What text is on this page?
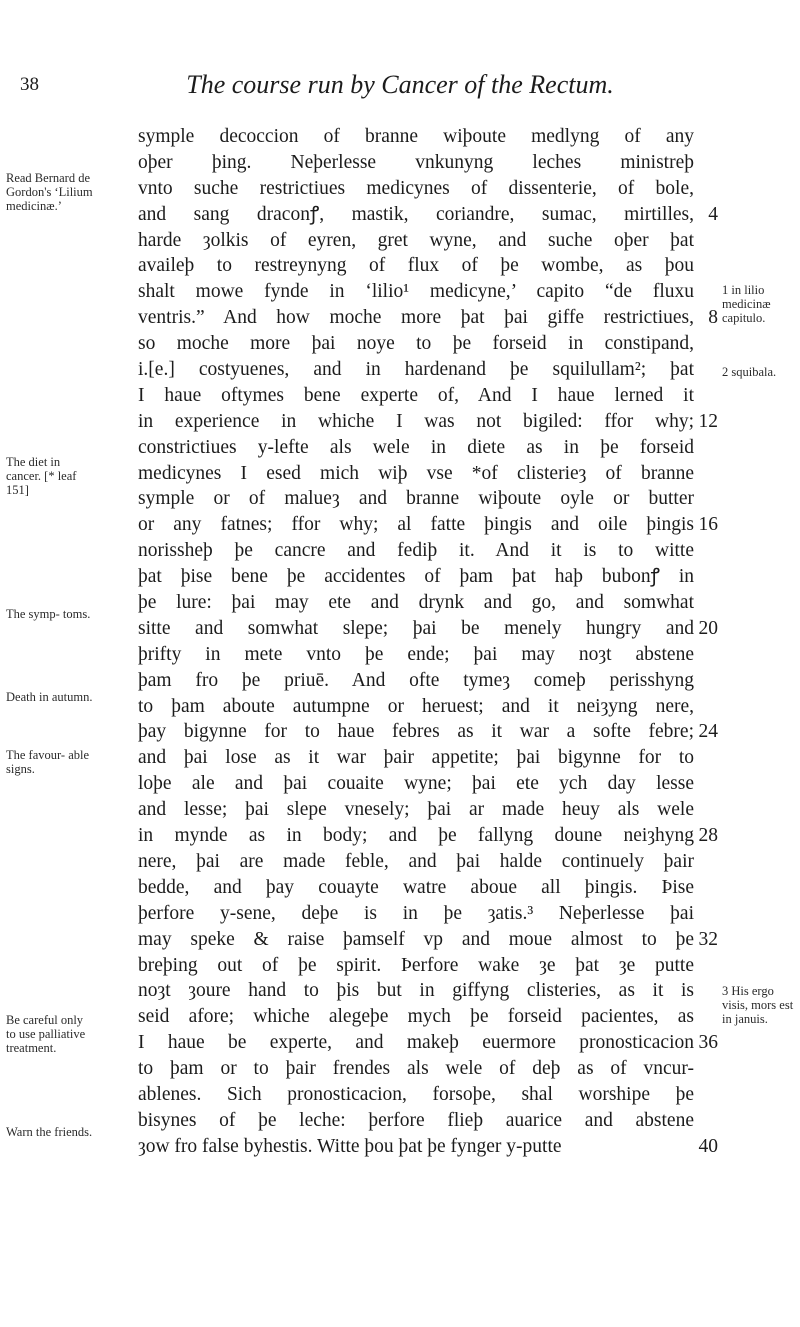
38	The course run by Cancer of the Rectum.
symple decoccion of branne wiþoute medlyng of any
oþer þing. Neþerlesse vnkunyng leches ministreþ
vnto suche restrictiues medicynes of dissenterie, of bole,
and sang draconꝭ, mastik, coriandre, sumac, mirtilles, 4
harde ȝolkis of eyren, gret wyne, and suche oþer þat
availeþ to restreynyng of flux of þe wombe, as þou
shalt mowe fynde in ‘lilio¹ medicyne,’ capito “de fluxu
ventris.” And how moche more þat þai giffe restrictiues, 8
so moche more þai noye to þe forseid in constipand,
i.[e.] costyuenes, and in hardenand þe squilullam²; þat
I haue oftymes bene experte of, And I haue lerned it
in experience in whiche I was not bigiled: ffor why; 12
constrictiues y-lefte als wele in diete as in þe forseid
medicynes I esed mich wiþ vse *of clisterieȝ of branne
symple or of malueȝ and branne wiþoute oyle or butter
or any fatnes; ffor why; al fatte þingis and oile þingis 16
norissheþ þe cancre and fediþ it. And it is to witte
þat þise bene þe accidentes of þam þat haþ bubonꝭ in
þe lure: þai may ete and drynk and go, and somwhat
sitte and somwhat slepe; þai be menely hungry and 20
þrifty in mete vnto þe ende; þai may noȝt abstene
þam fro þe priuē. And ofte tymeȝ comeþ perisshyng
to þam aboute autumpne or heruest; and it neiȝyng nere,
þay bigynne for to haue febres as it war a softe febre; 24
and þai lose as it war þair appetite; þai bigynne for to
loþe ale and þai couaite wyne; þai ete ych day lesse
and lesse; þai slepe vnesely; þai ar made heuy als wele
in mynde as in body; and þe fallyng doune neiȝhyng 28
nere, þai are made feble, and þai halde continuely þair
bedde, and þay couayte watre aboue all þingis. Þise
þerfore y-sene, deþe is in þe ȝatis.³ Neþerlesse þai
may speke & raise þamself vp and moue almost to þe 32
breþing out of þe spirit. Þerfore wake ȝe þat ȝe putte
noȝt ȝoure hand to þis but in giffyng clisteries, as it is
seid afore; whiche alegeþe mych þe forseid pacientes, as
I haue be experte, and makeþ euermore pronosticacion 36
to þam or to þair frendes als wele of deþ as of vncur-
ablenes. Sich pronosticacion, forsoþe, shal worshipe þe
bisynes of þe leche: þerfore flieþ auarice and abstene
ȝow fro false byhestis. Witte þou þat þe fynger y-putte	40
Read Bernard de Gordon's ‘Lilium medicinæ.’
The diet in cancer. [* leaf 151]
The symp- toms.
Death in autumn.
The favour- able signs.
Be careful only to use palliative treatment.
Warn the friends.
1 in lilio medicinæ capitulo.
2 squibala.
3 His ergo visis, mors est in januis.
